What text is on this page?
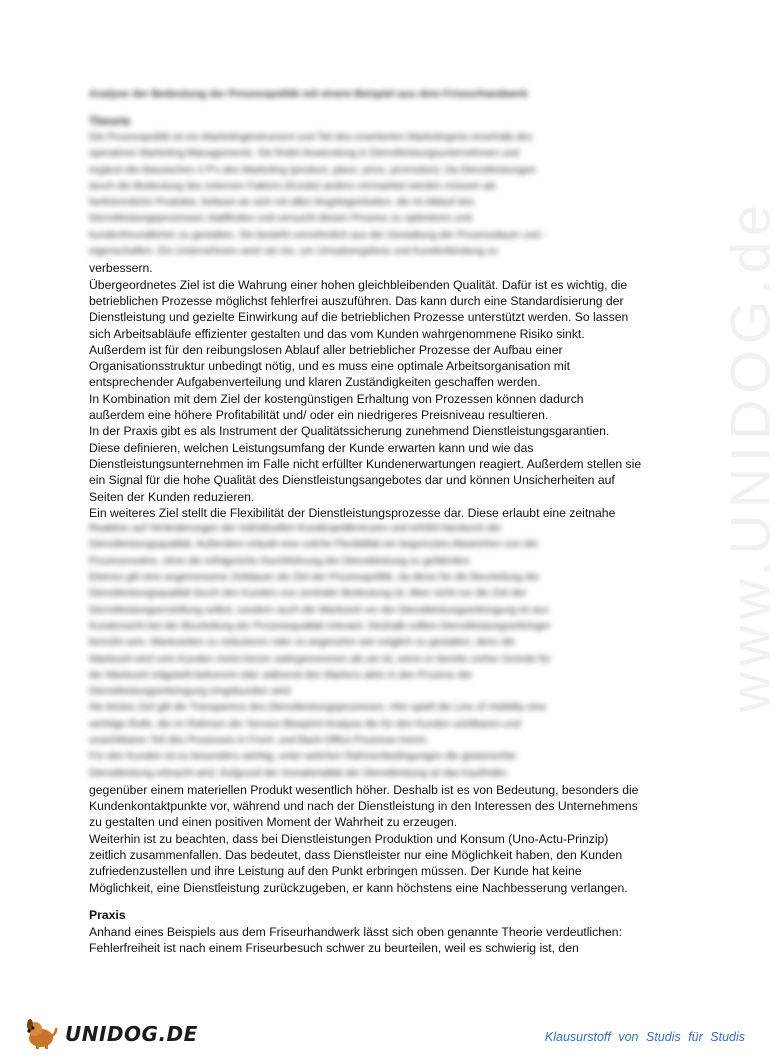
www.UNIDOG.de
Analyse der Bedeutung der Prozesspolitik mit einem Beispiel aus dem Friseurhandwerk
Theorie
Die Prozesspolitik ist ein Marketinginstrument und Teil des erweiterten Marketingmix innerhalb des
operativen Marketing-Managements. Sie findet Anwendung in Dienstleistungsunternehmen und
ergänzt die klassischen 4 P's des Marketing (product, place, price, promotion). Da Dienstleistungen
durch die Bedeutung des externen Faktors (Kunde) anders vermarktet werden müssen als
herkömmliche Produkte, befasst sie sich mit allen Angelegenheiten, die im Ablauf des
Dienstleistungsprozesses stattfinden und versucht diesen Prozess zu optimieren und
kundenfreundlicher zu gestalten. Sie besteht vornehmlich aus der Gestaltung der Prozessdauer und -
eigenschaften. Ein Unternehmen setzt sie ein, um Umsatzergebnis und Kundenbindung zu
verbessern.
Übergeordnetes Ziel ist die Wahrung einer hohen gleichbleibenden Qualität. Dafür ist es wichtig, die
betrieblichen Prozesse möglichst fehlerfrei auszuführen. Das kann durch eine Standardisierung der
Dienstleistung und gezielte Einwirkung auf die betrieblichen Prozesse unterstützt werden. So lassen
sich Arbeitsabläufe effizienter gestalten und das vom Kunden wahrgenommene Risiko sinkt.
Außerdem ist für den reibungslosen Ablauf aller betrieblicher Prozesse der Aufbau einer
Organisationsstruktur unbedingt nötig, und es muss eine optimale Arbeitsorganisation mit
entsprechender Aufgabenverteilung und klaren Zuständigkeiten geschaffen werden.
In Kombination mit dem Ziel der kostengünstigen Erhaltung von Prozessen können dadurch
außerdem eine höhere Profitabilität und/ oder ein niedrigeres Preisniveau resultieren.
In der Praxis gibt es als Instrument der Qualitätssicherung zunehmend Dienstleistungsgarantien.
Diese definieren, welchen Leistungsumfang der Kunde erwarten kann und wie das
Dienstleistungsunternehmen im Falle nicht erfüllter Kundenerwartungen reagiert. Außerdem stellen sie
ein Signal für die hohe Qualität des Dienstleistungsangebotes dar und können Unsicherheiten auf
Seiten der Kunden reduzieren.
Ein weiteres Ziel stellt die Flexibilität der Dienstleistungsprozesse dar. Diese erlaubt eine zeitnahe
Reaktion auf Veränderungen der individuellen Kundenpräferenzen und erhöht hierdurch die
Dienstleistungsqualität. Außerdem erlaubt eine solche Flexibilität ein begrenztes Abweichen von der
Prozessroutine, ohne die erfolgreiche Durchführung der Dienstleistung zu gefährden.
Ebenso gilt eine angemessene Zeitdauer als Ziel der Prozesspolitik, da diese für die Beurteilung der
Dienstleistungsqualität durch den Kunden von zentraler Bedeutung ist. Aber nicht nur die Zeit der
Dienstleistungserstellung selbst, sondern auch die Wartezeit vor der Dienstleistungserbringung ist aus
Kundensicht bei der Beurteilung der Prozessqualität relevant. Deshalb sollten Dienstleistungserbringer
bemüht sein, Wartezeiten zu reduzieren oder so angenehm wie möglich zu gestalten, denn die
Wartezeit wird vom Kunden meist kürzer wahrgenommen als sie ist, wenn er bereits vorher Gründe für
die Wartezeit mitgeteilt bekommt oder während des Wartens aktiv in den Prozess der
Dienstleistungserbringung eingebunden wird.
Als letztes Ziel gilt die Transparenz des Dienstleistungsprozesses. Hier spielt die Line of Visibility eine
wichtige Rolle, die im Rahmen der Service Blueprint Analyse die für den Kunden sichtbaren und
unsichtbaren Teil des Prozesses in Front- und Back-Office-Prozesse trennt.
Für den Kunden ist es besonders wichtig, unter welchen Rahmenbedingungen die gewünschte
Dienstleistung erbracht wird. Aufgrund der Immaterialität der Dienstleistung ist das Kaufrisiko
gegenüber einem materiellen Produkt wesentlich höher. Deshalb ist es von Bedeutung, besonders die
Kundenkontaktpunkte vor, während und nach der Dienstleistung in den Interessen des Unternehmens
zu gestalten und einen positiven Moment der Wahrheit zu erzeugen.
Weiterhin ist zu beachten, dass bei Dienstleistungen Produktion und Konsum (Uno-Actu-Prinzip)
zeitlich zusammenfallen. Das bedeutet, dass Dienstleister nur eine Möglichkeit haben, den Kunden
zufriedenzustellen und ihre Leistung auf den Punkt erbringen müssen. Der Kunde hat keine
Möglichkeit, eine Dienstleistung zurückzugeben, er kann höchstens eine Nachbesserung verlangen.
Praxis
Anhand eines Beispiels aus dem Friseurhandwerk lässt sich oben genannte Theorie verdeutlichen:
Fehlerfreiheit ist nach einem Friseurbesuch schwer zu beurteilen, weil es schwierig ist, den
UNIDOG.DE	Klausurstoff von Studis für Studis
